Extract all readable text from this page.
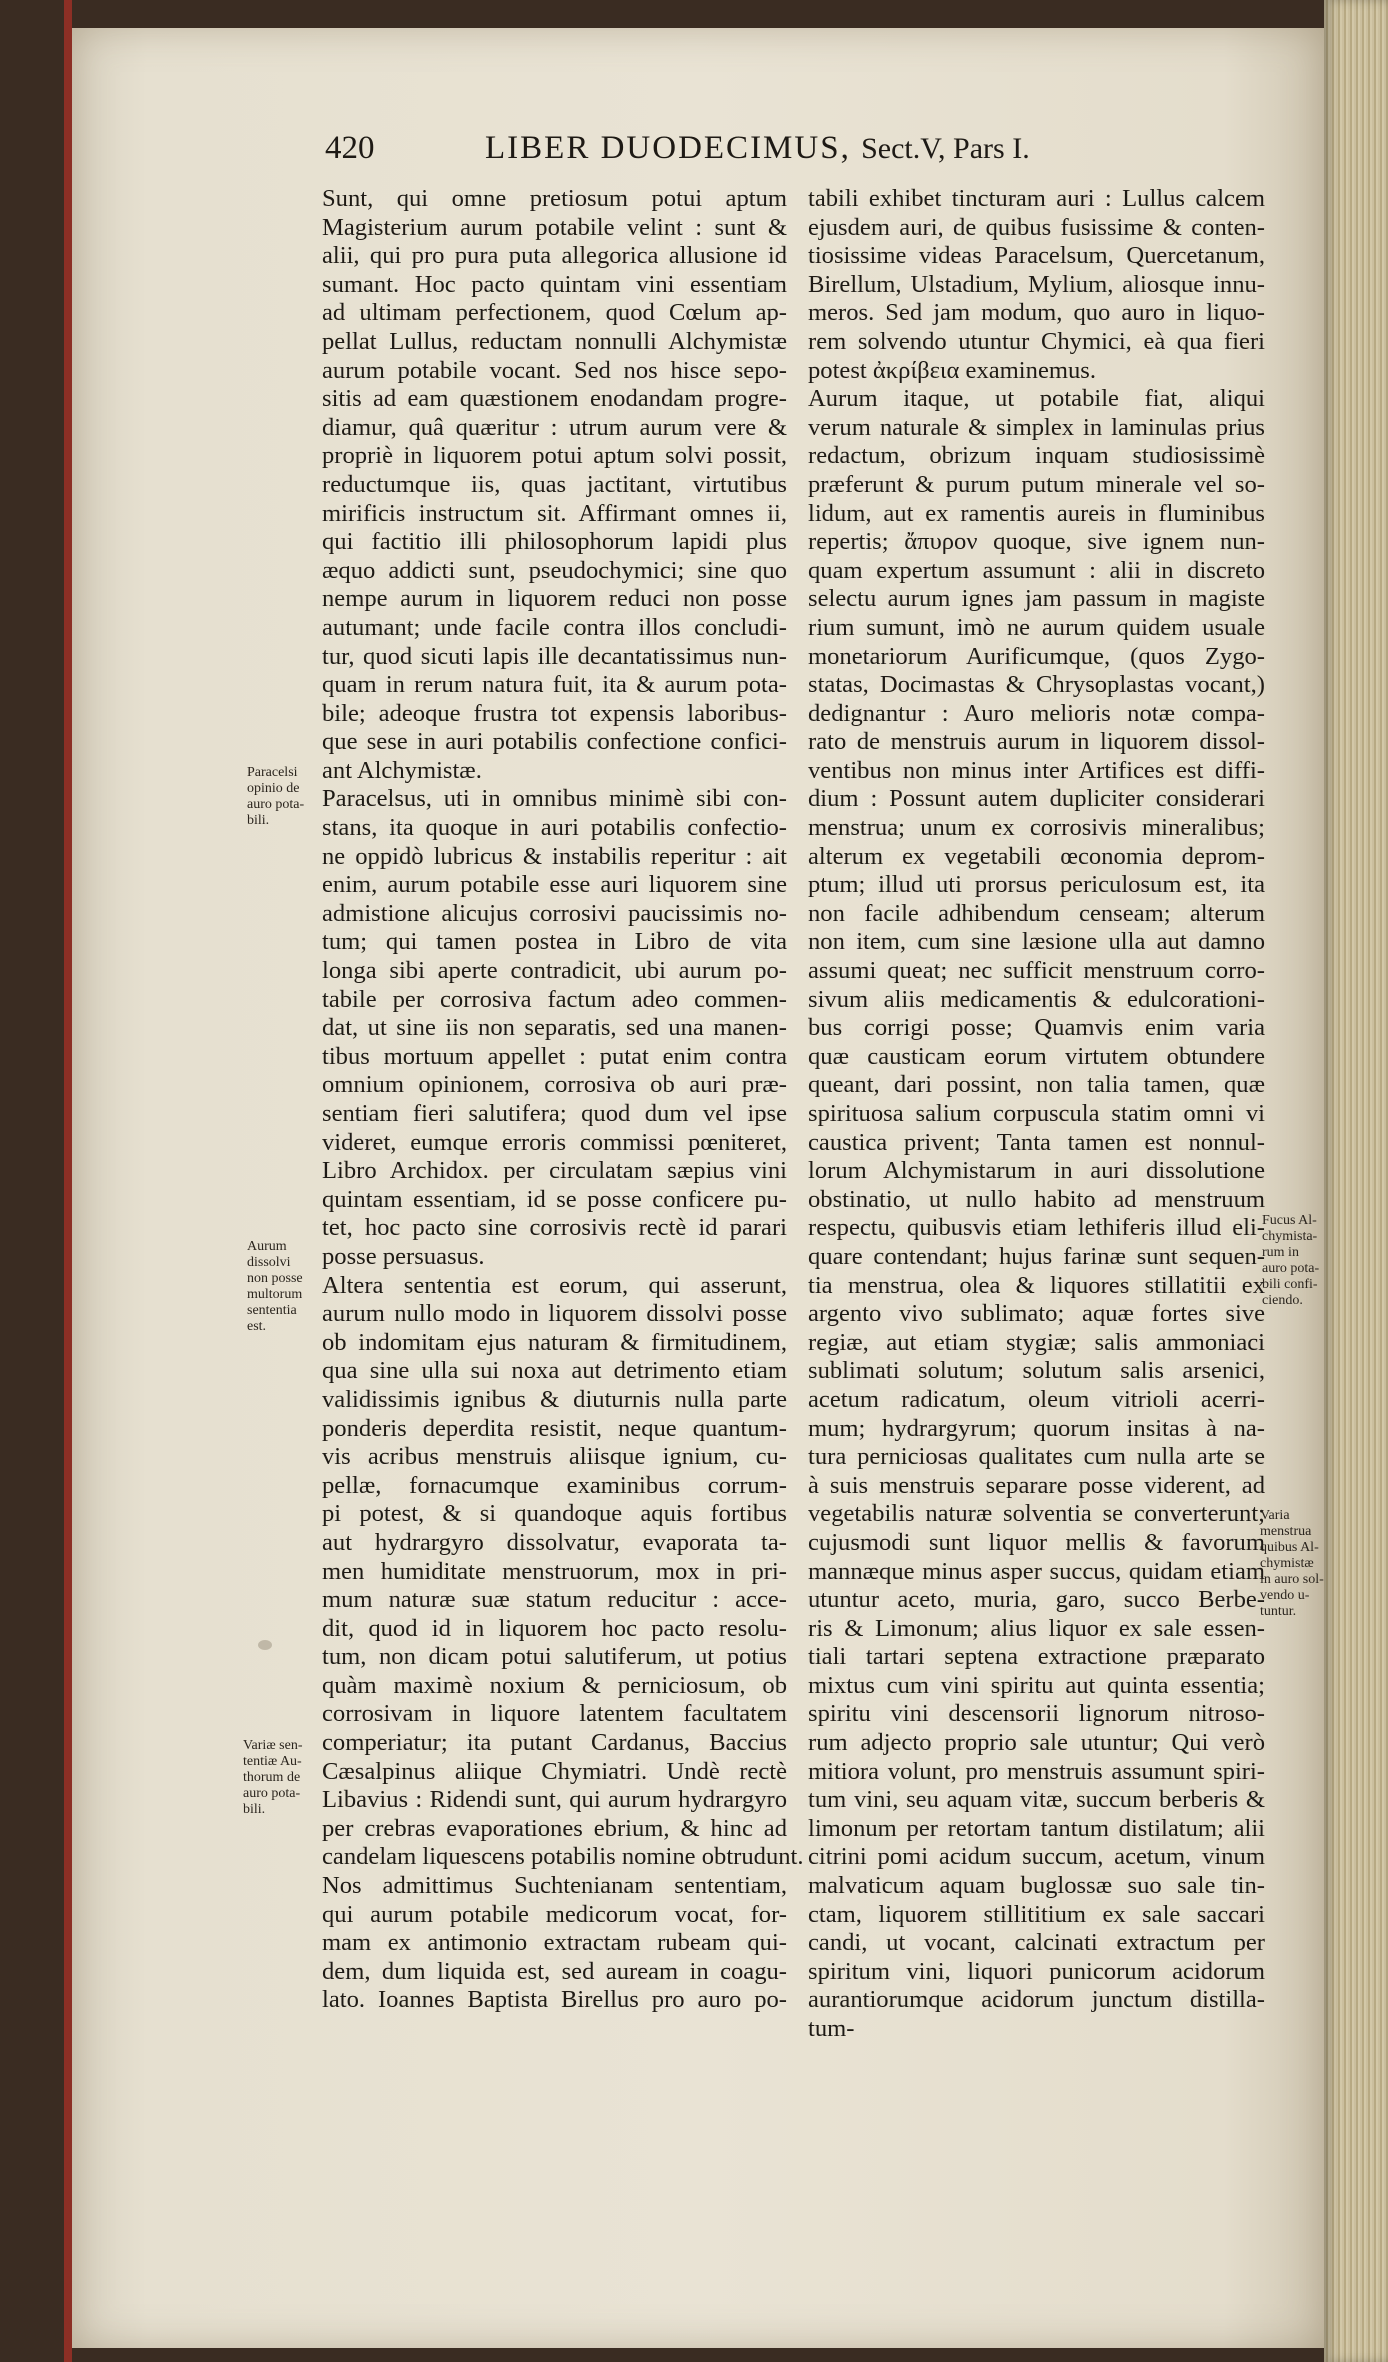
420	LIBER DUODECIMUS, Sect.V, Pars I.
Sunt, qui omne pretiosum potui aptum
Magisterium aurum potabile velint : sunt &
alii, qui pro pura puta allegorica allusione id
sumant. Hoc pacto quintam vini essentiam
ad ultimam perfectionem, quod Cœlum ap-
pellat Lullus, reductam nonnulli Alchymistæ
aurum potabile vocant. Sed nos hisce sepo-
sitis ad eam quæstionem enodandam progre-
diamur, quâ quæritur : utrum aurum vere &
propriè in liquorem potui aptum solvi possit,
reductumque iis, quas jactitant, virtutibus
mirificis instructum sit. Affirmant omnes ii,
qui factitio illi philosophorum lapidi plus
æquo addicti sunt, pseudochymici; sine quo
nempe aurum in liquorem reduci non posse
autumant; unde facile contra illos concludi-
tur, quod sicuti lapis ille decantatissimus nun-
quam in rerum natura fuit, ita & aurum pota-
bile; adeoque frustra tot expensis laboribus-
que sese in auri potabilis confectione confici-
ant Alchymistæ.
Paracelsus, uti in omnibus minimè sibi con-
stans, ita quoque in auri potabilis confectio-
ne oppidò lubricus & instabilis reperitur : ait
enim, aurum potabile esse auri liquorem sine
admistione alicujus corrosivi paucissimis no-
tum; qui tamen postea in Libro de vita
longa sibi aperte contradicit, ubi aurum po-
tabile per corrosiva factum adeo commen-
dat, ut sine iis non separatis, sed una manen-
tibus mortuum appellet : putat enim contra
omnium opinionem, corrosiva ob auri præ-
sentiam fieri salutifera; quod dum vel ipse
videret, eumque erroris commissi pœniteret,
Libro Archidox. per circulatam sæpius vini
quintam essentiam, id se posse conficere pu-
tet, hoc pacto sine corrosivis rectè id parari
posse persuasus.
Altera sententia est eorum, qui asserunt,
aurum nullo modo in liquorem dissolvi posse
ob indomitam ejus naturam & firmitudinem,
qua sine ulla sui noxa aut detrimento etiam
validissimis ignibus & diuturnis nulla parte
ponderis deperdita resistit, neque quantum-
vis acribus menstruis aliisque ignium, cu-
pellæ, fornacumque examinibus corrum-
pi potest, & si quandoque aquis fortibus
aut hydrargyro dissolvatur, evaporata ta-
men humiditate menstruorum, mox in pri-
mum naturæ suæ statum reducitur : acce-
dit, quod id in liquorem hoc pacto resolu-
tum, non dicam potui salutiferum, ut potius
quàm maximè noxium & perniciosum, ob
corrosivam in liquore latentem facultatem
comperiatur; ita putant Cardanus, Baccius
Cæsalpinus aliique Chymiatri. Undè rectè
Libavius : Ridendi sunt, qui aurum hydrargyro
per crebras evaporationes ebrium, & hinc ad
candelam liquescens potabilis nomine obtrudunt.
Nos admittimus Suchtenianam sententiam,
qui aurum potabile medicorum vocat, for-
mam ex antimonio extractam rubeam qui-
dem, dum liquida est, sed auream in coagu-
lato. Ioannes Baptista Birellus pro auro po-
tabili exhibet tincturam auri : Lullus calcem
ejusdem auri, de quibus fusissime & conten-
tiosissime videas Paracelsum, Quercetanum,
Birellum, Ulstadium, Mylium, aliosque innu-
meros. Sed jam modum, quo auro in liquo-
rem solvendo utuntur Chymici, eà qua fieri
potest ἀκρίβεια examinemus.
Aurum itaque, ut potabile fiat, aliqui
verum naturale & simplex in laminulas prius
redactum, obrizum inquam studiosissimè
præferunt & purum putum minerale vel so-
lidum, aut ex ramentis aureis in fluminibus
repertis; ἄπυρον quoque, sive ignem nun-
quam expertum assumunt : alii in discreto
selectu aurum ignes jam passum in magiste
rium sumunt, imò ne aurum quidem usuale
monetariorum Aurificumque, (quos Zygo-
statas, Docimastas & Chrysoplastas vocant,)
dedignantur : Auro melioris notæ compa-
rato de menstruis aurum in liquorem dissol-
ventibus non minus inter Artifices est diffi-
dium : Possunt autem dupliciter considerari
menstrua; unum ex corrosivis mineralibus;
alterum ex vegetabili œconomia deprom-
ptum; illud uti prorsus periculosum est, ita
non facile adhibendum censeam; alterum
non item, cum sine læsione ulla aut damno
assumi queat; nec sufficit menstruum corro-
sivum aliis medicamentis & edulcorationi-
bus corrigi posse; Quamvis enim varia
quæ causticam eorum virtutem obtundere
queant, dari possint, non talia tamen, quæ
spirituosa salium corpuscula statim omni vi
caustica privent; Tanta tamen est nonnul-
lorum Alchymistarum in auri dissolutione
obstinatio, ut nullo habito ad menstruum
respectu, quibusvis etiam lethiferis illud eli-
quare contendant; hujus farinæ sunt sequen-
tia menstrua, olea & liquores stillatitii ex
argento vivo sublimato; aquæ fortes sive
regiæ, aut etiam stygiæ; salis ammoniaci
sublimati solutum; solutum salis arsenici,
acetum radicatum, oleum vitrioli acerri-
mum; hydrargyrum; quorum insitas à na-
tura perniciosas qualitates cum nulla arte se
à suis menstruis separare posse viderent, ad
vegetabilis naturæ solventia se converterunt;
cujusmodi sunt liquor mellis & favorum
mannæque minus asper succus, quidam etiam
utuntur aceto, muria, garo, succo Berbe-
ris & Limonum; alius liquor ex sale essen-
tiali tartari septena extractione præparato
mixtus cum vini spiritu aut quinta essentia;
spiritu vini descensorii lignorum nitroso-
rum adjecto proprio sale utuntur; Qui verò
mitiora volunt, pro menstruis assumunt spiri-
tum vini, seu aquam vitæ, succum berberis &
limonum per retortam tantum distilatum; alii
citrini pomi acidum succum, acetum, vinum
malvaticum aquam buglossæ suo sale tin-
ctam, liquorem stillititium ex sale saccari
candi, ut vocant, calcinati extractum per
spiritum vini, liquori punicorum acidorum
aurantiorumque acidorum junctum distilla-
tum-
Paracelsi
opinio de
auro pota-
bili.
Aurum
dissolvi
non posse
multorum
sententia
est.
Variæ sen-
tentiæ Au-
thorum de
auro pota-
bili.
Fucus Al-
chymista-
rum in
auro pota-
bili confi-
ciendo.
Varia
menstrua
quibus Al-
chymistæ
in auro sol-
vendo u-
tuntur.
